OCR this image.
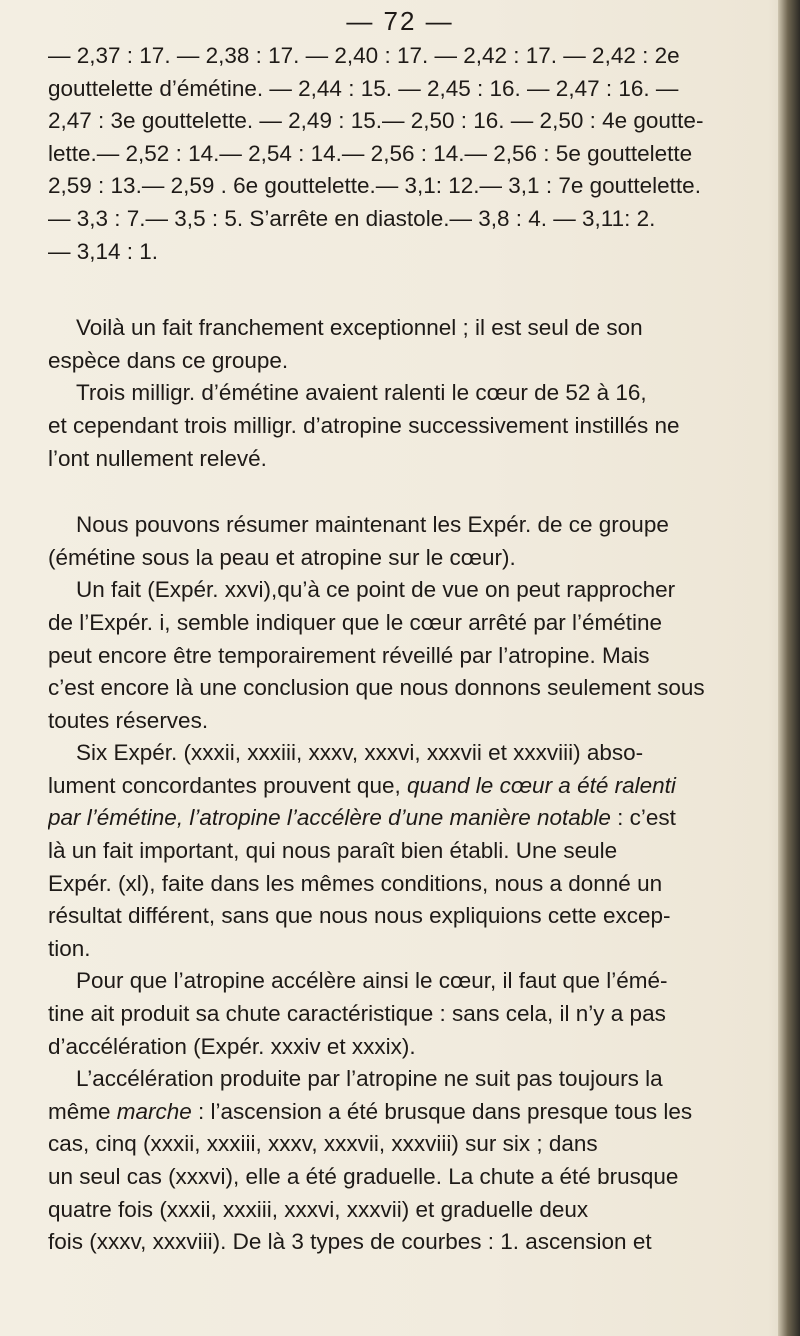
— 72 —
— 2,37 : 17. — 2,38 : 17. — 2,40 : 17. — 2,42 : 17. — 2,42 : 2e
gouttelette d’émétine. — 2,44 : 15. — 2,45 : 16. — 2,47 : 16. —
2,47 : 3e gouttelette. — 2,49 : 15.— 2,50 : 16. — 2,50 : 4e goutte-
lette.— 2,52 : 14.— 2,54 : 14.— 2,56 : 14.— 2,56 : 5e gouttelette
2,59 : 13.— 2,59 . 6e gouttelette.— 3,1: 12.— 3,1 : 7e gouttelette.
— 3,3 : 7.— 3,5 : 5. S’arrête en diastole.— 3,8 : 4. — 3,11: 2.
— 3,14 : 1.
Voilà un fait franchement exceptionnel ; il est seul de son
espèce dans ce groupe.
Trois milligr. d’émétine avaient ralenti le cœur de 52 à 16,
et cependant trois milligr. d’atropine successivement instillés ne
l’ont nullement relevé.
Nous pouvons résumer maintenant les Expér. de ce groupe
(émétine sous la peau et atropine sur le cœur).
Un fait (Expér. xxvi),qu’à ce point de vue on peut rapprocher
de l’Expér. i, semble indiquer que le cœur arrêté par l’émétine
peut encore être temporairement réveillé par l’atropine. Mais
c’est encore là une conclusion que nous donnons seulement sous
toutes réserves.
Six Expér. (xxxii, xxxiii, xxxv, xxxvi, xxxvii et xxxviii) abso-
lument concordantes prouvent que, quand le cœur a été ralenti
par l’émétine, l’atropine l’accélère d’une manière notable : c’est
là un fait important, qui nous paraît bien établi. Une seule
Expér. (xl), faite dans les mêmes conditions, nous a donné un
résultat différent, sans que nous nous expliquions cette excep-
tion.
Pour que l’atropine accélère ainsi le cœur, il faut que l’émé-
tine ait produit sa chute caractéristique : sans cela, il n’y a pas
d’accélération (Expér. xxxiv et xxxix).
L’accélération produite par l’atropine ne suit pas toujours la
même marche : l’ascension a été brusque dans presque tous les
cas, cinq (xxxii, xxxiii, xxxv, xxxvii, xxxviii) sur six ; dans
un seul cas (xxxvi), elle a été graduelle. La chute a été brusque
quatre fois (xxxii, xxxiii, xxxvi, xxxvii) et graduelle deux
fois (xxxv, xxxviii). De là 3 types de courbes : 1. ascension et
